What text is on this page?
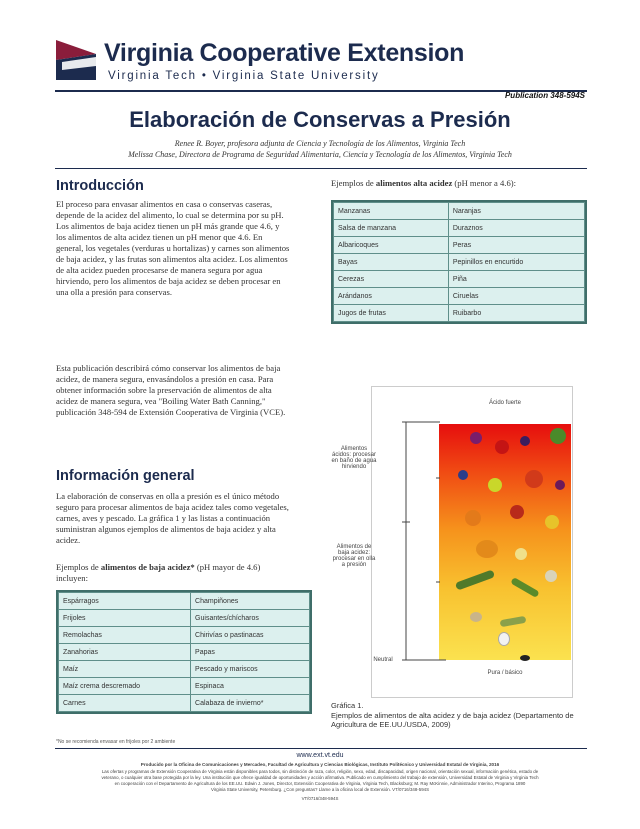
Virginia Cooperative Extension
Virginia Tech • Virginia State University
Publication 348-594S
Elaboración de Conservas a Presión
Renee R. Boyer, profesora adjunta de Ciencia y Tecnología de los Alimentos, Virginia Tech
Melissa Chase, Directora de Programa de Seguridad Alimentaria, Ciencia y Tecnología de los Alimentos, Virginia Tech
Introducción

El proceso para envasar alimentos en casa o conservas caseras, depende de la acidez del alimento, lo cual se determina por su pH. Los alimentos de baja acidez tienen un pH más grande que 4.6, y los alimentos de alta acidez tienen un pH menor que 4.6. En general, los vegetales (verduras u hortalizas) y carnes son alimentos de baja acidez, y las frutas son alimentos alta acidez. Los alimentos de alta acidez pueden procesarse de manera segura por agua hirviendo, pero los alimentos de baja acidez se deben procesar en una olla a presión para conservas.

Esta publicación describirá cómo conservar los alimentos de baja acidez, de manera segura, envasándolos a presión en casa. Para obtener información sobre la preservación de alimentos de alta acidez de manera segura, vea "Boiling Water Bath Canning," publicación 348-594 de Extensión Cooperativa de Virginia (VCE).

Información general

La elaboración de conservas en olla a presión es el único método seguro para procesar alimentos de baja acidez tales como vegetales, carnes, aves y pescado. La gráfica 1 y las listas a continuación suministran algunos ejemplos de alimentos de baja acidez y alta acidez.

Ejemplos de alimentos de baja acidez* (pH mayor de 4.6) incluyen:
Espárragos	Champiñones
Frijoles	Guisantes/chícharos
Remolachas	Chirivías o pastinacas
Zanahorias	Papas
Maíz	Pescado y mariscos
Maíz crema descremado	Espinaca
Carnes	Calabaza de invierno*
*No se recomienda envasar en frijoles por 2 ambiente
Ejemplos de alimentos alta acidez (pH menor a 4.6):
Manzanas	Naranjas
Salsa de manzana	Duraznos
Albaricoques	Peras
Bayas	Pepinillos en encurtido
Cerezas	Piña
Arándanos	Ciruelas
Jugos de frutas	Ruibarbo
Ácido fuerte
Pura / básico
Neutral
Alimentos ácidos: procesar en baño de agua hirviendo
Alimentos de baja acidez: procesar en olla a presión
Gráfica 1.
Ejemplos de alimentos de alta acidez y de baja acidez (Departamento de Agricultura de EE.UU./USDA, 2009)
www.ext.vt.edu
Producido por la Oficina de Comunicaciones y Mercadeo, Facultad de Agricultura y Ciencias Biológicas, Instituto Politécnico y Universidad Estatal de Virginia, 2016
Las ofertas y programas de Extensión Cooperativa de Virginia están disponibles para todos, sin distinción de raza, color, religión, sexo, edad, discapacidad, origen nacional, orientación sexual, información genética, estado de
veterano, o cualquier otra base protegida por la ley. Una institución que ofrece igualdad de oportunidades y acción afirmativa. Publicado en cumplimiento del trabajo de extensión, Universidad Estatal de Virginia y Virginia Tech
en cooperación con el Departamento de Agricultura de los EE.UU. Edwin J. Jones, Director, Extensión Cooperativa de Virginia, Virginia Tech, Blacksburg; M. Ray McKinnie, Administrador Interino, Programa 1890
Virginia State University, Petersburg. ¿Con preguntas? Llame a la oficina local de Extensión. VT/0716/348-594S
VT/0716/348-594S
